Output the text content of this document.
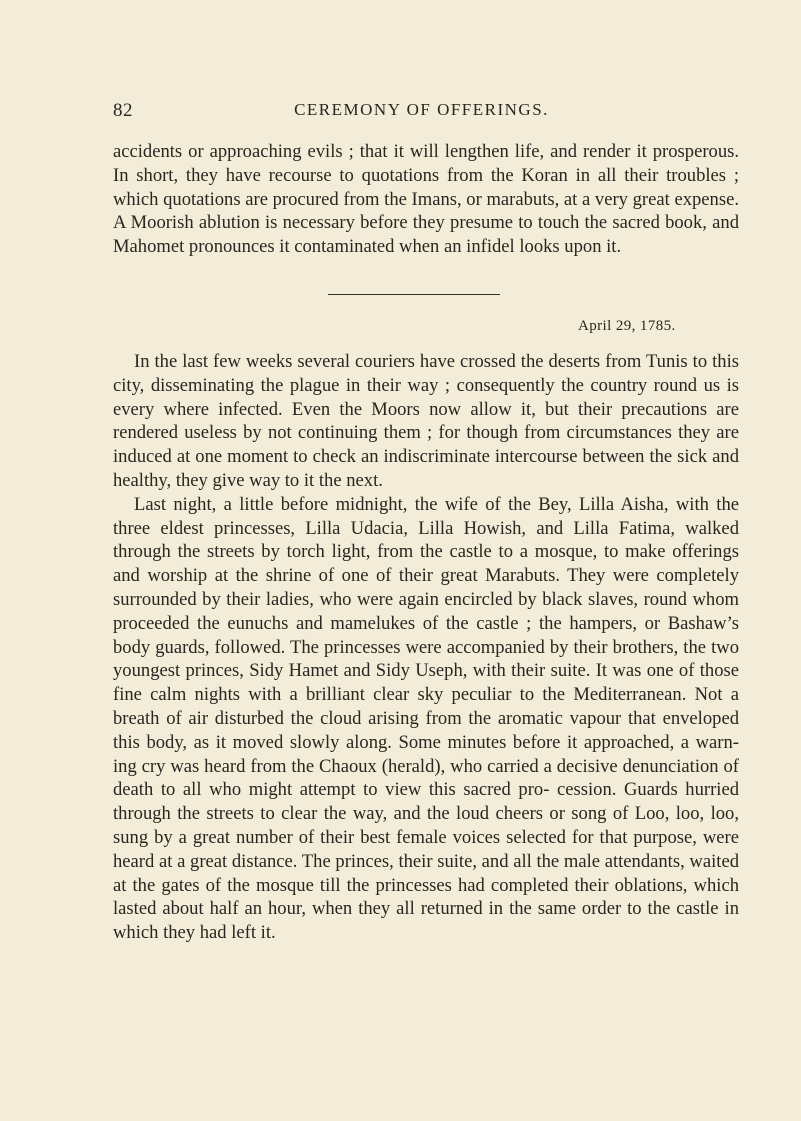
82	CEREMONY OF OFFERINGS.

accidents or approaching evils ; that it will lengthen life, and render it prosperous. In short, they have recourse to quotations from the Koran in all their troubles ; which quotations are procured from the Imans, or marabuts, at a very great expense. A Moorish ablution is necessary before they presume to touch the sacred book, and Mahomet pronounces it contaminated when an infidel looks upon it.

April 29, 1785.

In the last few weeks several couriers have crossed the deserts from Tunis to this city, disseminating the plague in their way ; consequently the country round us is every where infected. Even the Moors now allow it, but their precautions are rendered useless by not continuing them ; for though from circumstances they are induced at one moment to check an indiscriminate intercourse between the sick and healthy, they give way to it the next.

Last night, a little before midnight, the wife of the Bey, Lilla Aisha, with the three eldest princesses, Lilla Udacia, Lilla Howish, and Lilla Fatima, walked through the streets by torch light, from the castle to a mosque, to make offerings and worship at the shrine of one of their great Marabuts. They were completely surrounded by their ladies, who were again encircled by black slaves, round whom proceeded the eunuchs and mamelukes of the castle ; the hampers, or Bashaw’s body guards, followed. The princesses were accompanied by their brothers, the two youngest princes, Sidy Hamet and Sidy Useph, with their suite. It was one of those fine calm nights with a brilliant clear sky peculiar to the Mediterranean. Not a breath of air disturbed the cloud arising from the aromatic vapour that enveloped this body, as it moved slowly along. Some minutes before it approached, a warn- ing cry was heard from the Chaoux (herald), who carried a decisive denunciation of death to all who might attempt to view this sacred pro- cession. Guards hurried through the streets to clear the way, and the loud cheers or song of Loo, loo, loo, sung by a great number of their best female voices selected for that purpose, were heard at a great distance. The princes, their suite, and all the male attendants, waited at the gates of the mosque till the princesses had completed their oblations, which lasted about half an hour, when they all returned in the same order to the castle in which they had left it.
